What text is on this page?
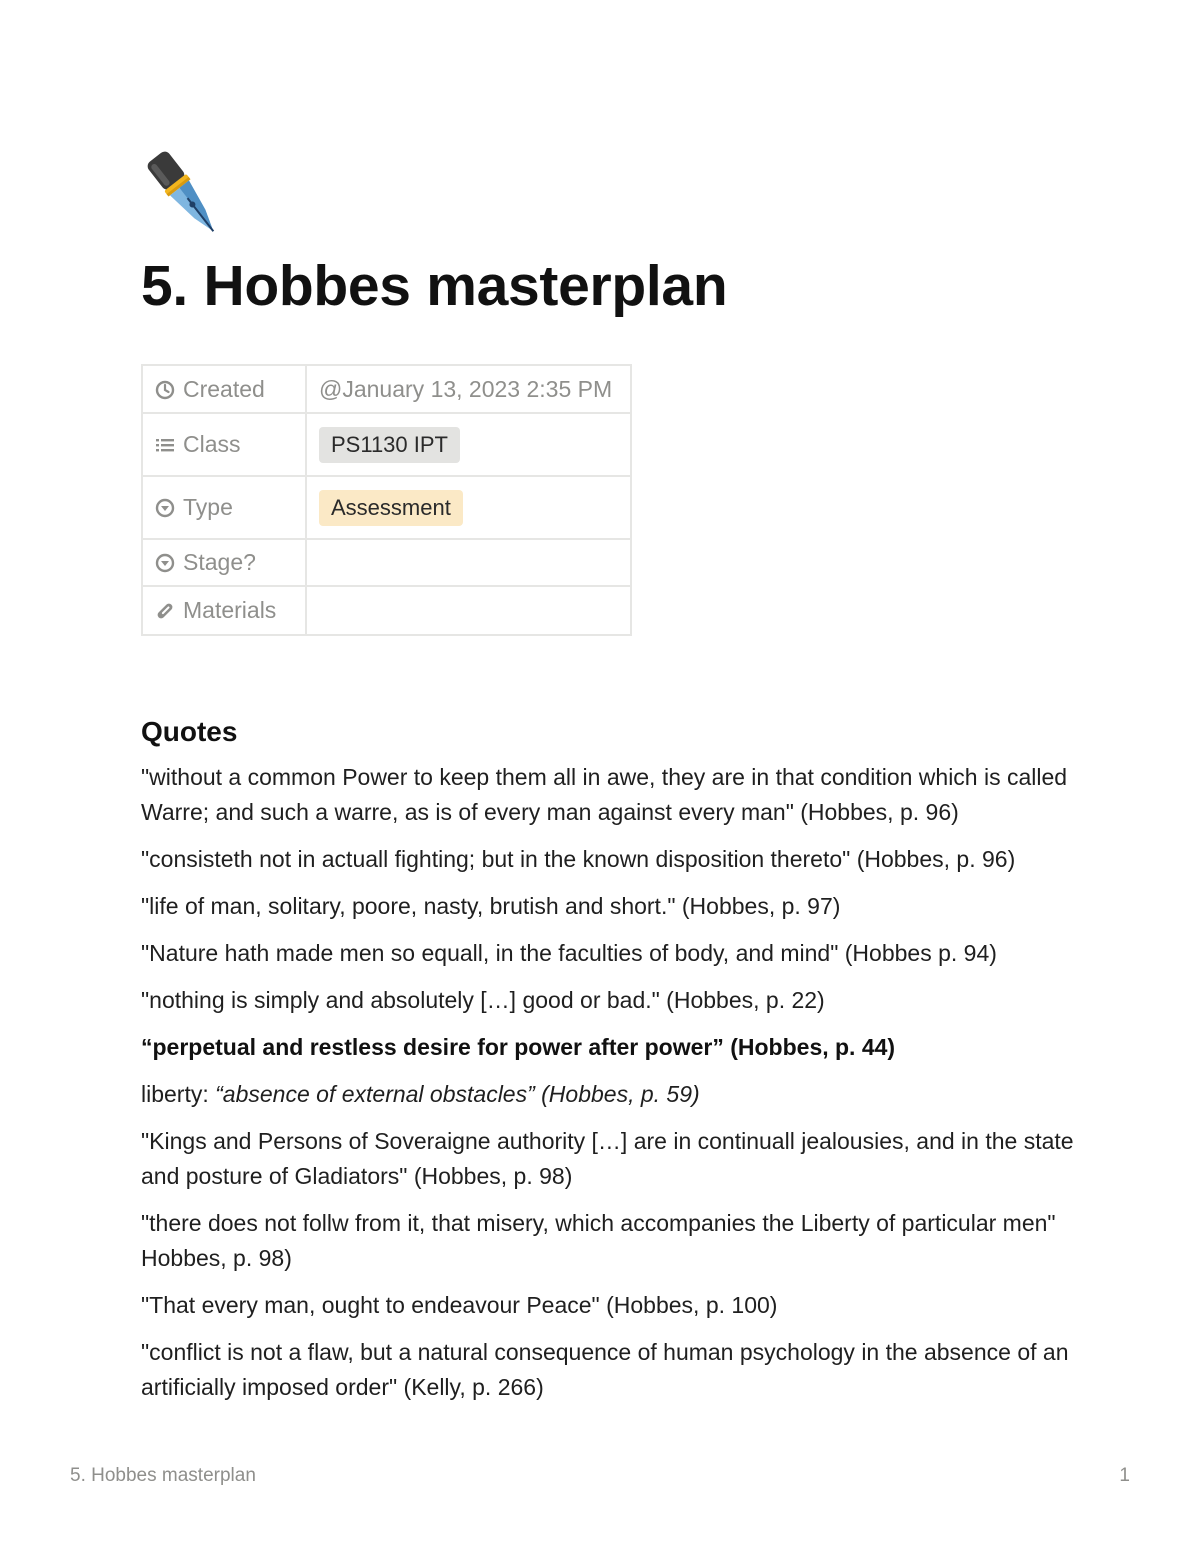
5. Hobbes masterplan
Created	@January 13, 2023 2:35 PM
Class	PS1130 IPT
Type	Assessment
Stage?	
Materials	
Quotes

"without a common Power to keep them all in awe, they are in that condition which is called Warre; and such a warre, as is of every man against every man" (Hobbes, p. 96)

"consisteth not in actuall fighting; but in the known disposition thereto" (Hobbes, p. 96)

"life of man, solitary, poore, nasty, brutish and short." (Hobbes, p. 97)

"Nature hath made men so equall, in the faculties of body, and mind" (Hobbes p. 94)

"nothing is simply and absolutely […] good or bad." (Hobbes, p. 22)

“perpetual and restless desire for power after power” (Hobbes, p. 44)

liberty: “absence of external obstacles” (Hobbes, p. 59)

"Kings and Persons of Soveraigne authority […] are in continuall jealousies, and in the state and posture of Gladiators" (Hobbes, p. 98)

"there does not follw from it, that misery, which accompanies the Liberty of particular men" Hobbes, p. 98)

"That every man, ought to endeavour Peace" (Hobbes, p. 100)

"conflict is not a flaw, but a natural consequence of human psychology in the absence of an artificially imposed order" (Kelly, p. 266)

5. Hobbes masterplan	1
